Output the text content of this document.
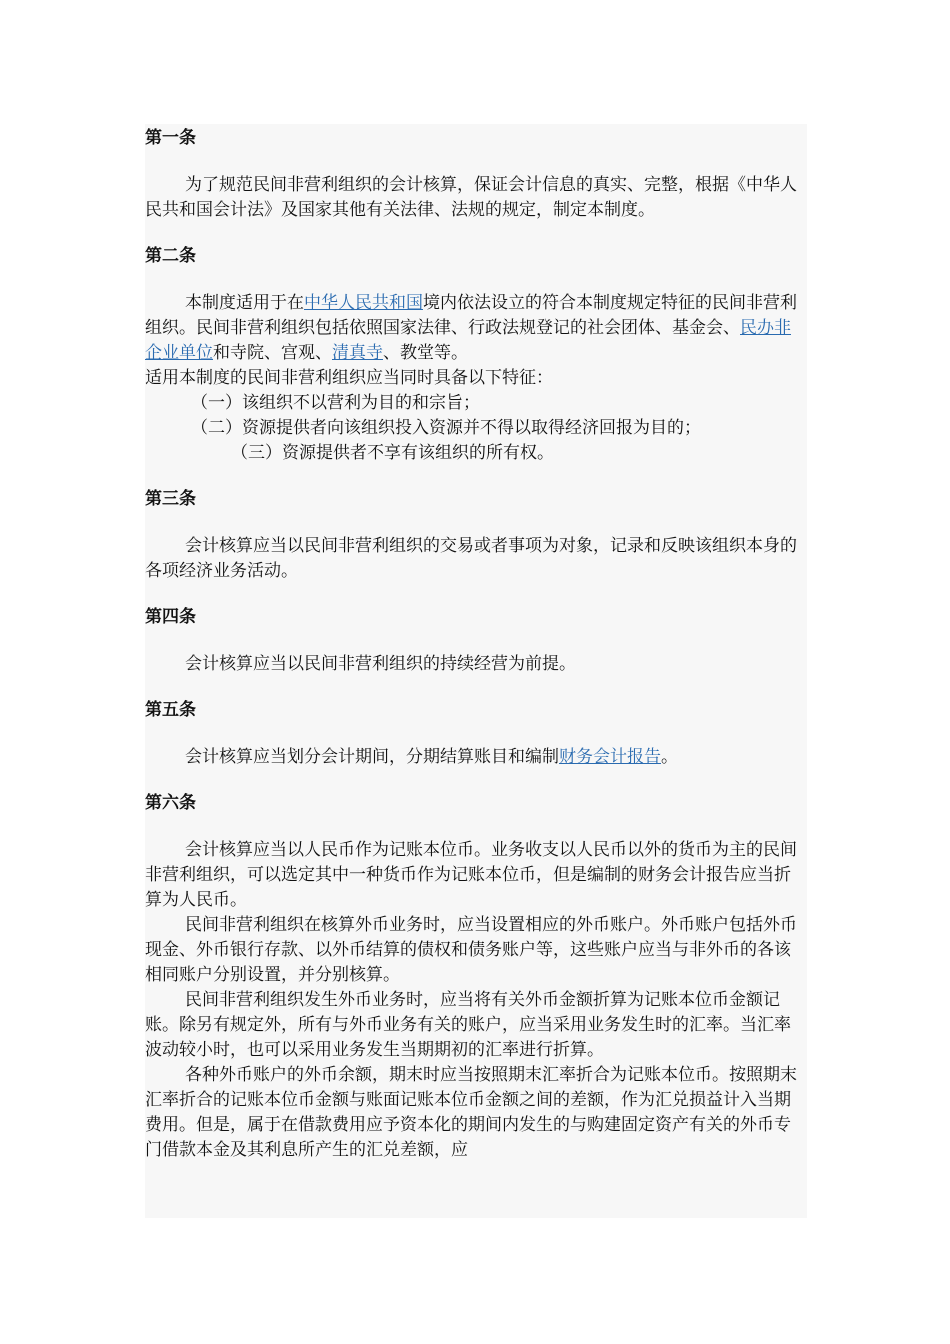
第一条

为了规范民间非营利组织的会计核算，保证会计信息的真实、完整，根据《中华人民共和国会计法》及国家其他有关法律、法规的规定，制定本制度。

第二条

本制度适用于在中华人民共和国境内依法设立的符合本制度规定特征的民间非营利组织。民间非营利组织包括依照国家法律、行政法规登记的社会团体、基金会、民办非企业单位和寺院、宫观、清真寺、教堂等。

适用本制度的民间非营利组织应当同时具备以下特征：

（一）该组织不以营利为目的和宗旨；

（二）资源提供者向该组织投入资源并不得以取得经济回报为目的；

（三）资源提供者不享有该组织的所有权。

第三条

会计核算应当以民间非营利组织的交易或者事项为对象，记录和反映该组织本身的各项经济业务活动。

第四条

会计核算应当以民间非营利组织的持续经营为前提。

第五条

会计核算应当划分会计期间，分期结算账目和编制财务会计报告。

第六条

会计核算应当以人民币作为记账本位币。业务收支以人民币以外的货币为主的民间非营利组织，可以选定其中一种货币作为记账本位币，但是编制的财务会计报告应当折算为人民币。

民间非营利组织在核算外币业务时，应当设置相应的外币账户。外币账户包括外币现金、外币银行存款、以外币结算的债权和债务账户等，这些账户应当与非外币的各该相同账户分别设置，并分别核算。

民间非营利组织发生外币业务时，应当将有关外币金额折算为记账本位币金额记账。除另有规定外，所有与外币业务有关的账户，应当采用业务发生时的汇率。当汇率波动较小时，也可以采用业务发生当期期初的汇率进行折算。

各种外币账户的外币余额，期末时应当按照期末汇率折合为记账本位币。按照期末汇率折合的记账本位币金额与账面记账本位币金额之间的差额，作为汇兑损益计入当期费用。但是，属于在借款费用应予资本化的期间内发生的与购建固定资产有关的外币专门借款本金及其利息所产生的汇兑差额，应
